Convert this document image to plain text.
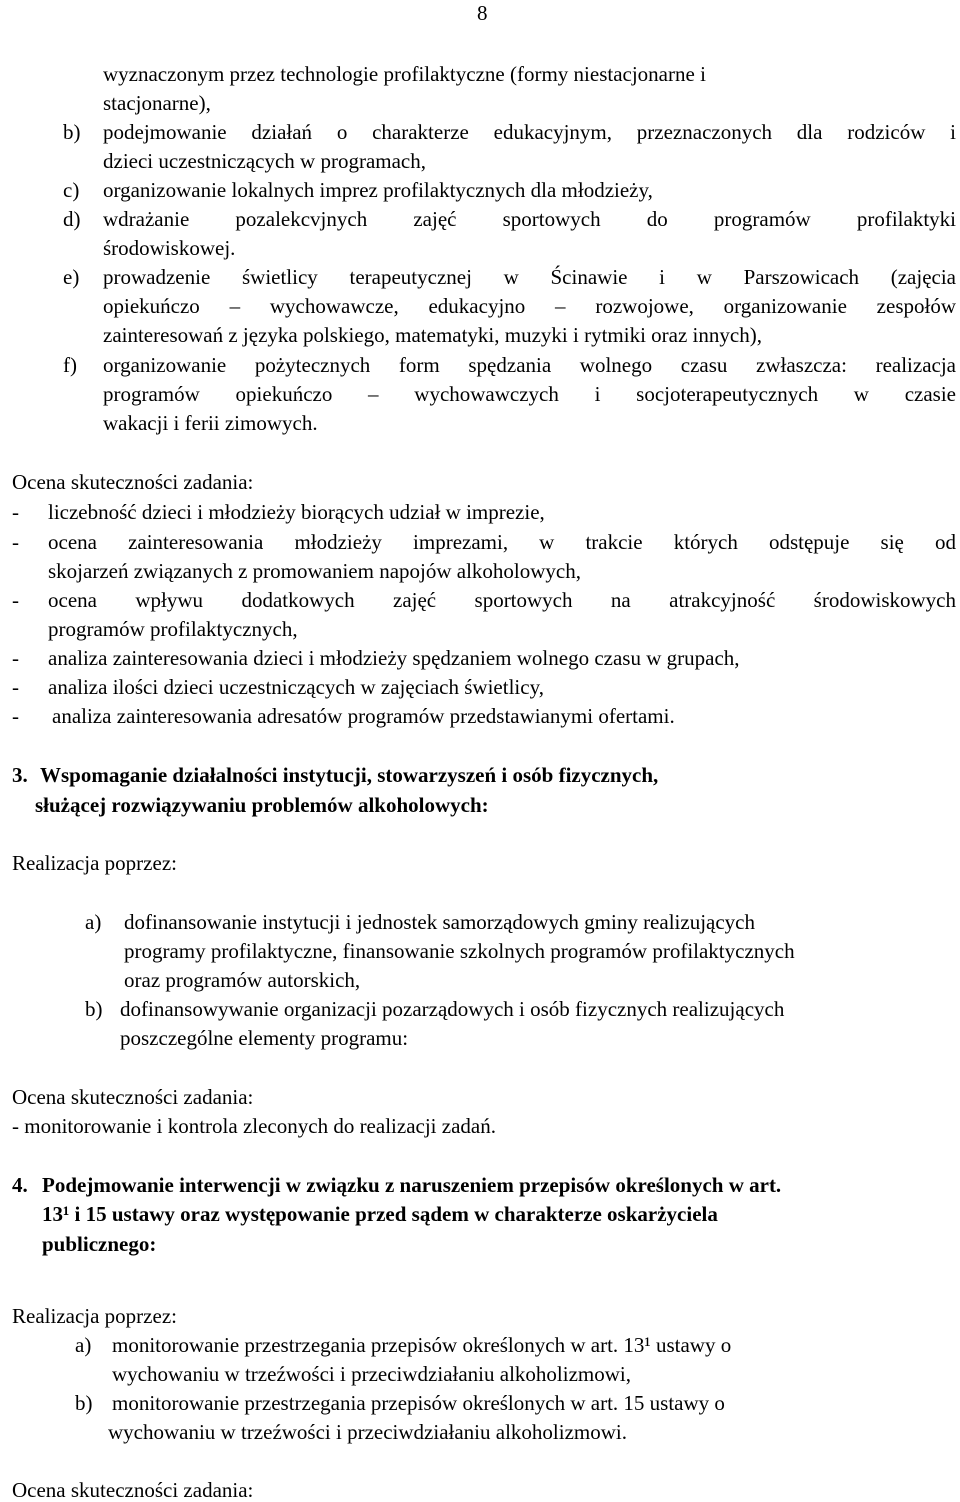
8
wyznaczonym przez technologie profilaktyczne (formy niestacjonarne i
stacjonarne),
b) podejmowanie działań o charakterze edukacyjnym, przeznaczonych dla rodziców i
dzieci uczestniczących w programach,
c) organizowanie lokalnych imprez profilaktycznych dla młodzieży,
d) wdrażanie pozalekcvjnych zajęć sportowych do programów profilaktyki
środowiskowej.
e) prowadzenie świetlicy terapeutycznej w Ścinawie i w Parszowicach (zajęcia
opiekuńczo – wychowawcze, edukacyjno – rozwojowe, organizowanie zespołów
zainteresowań z języka polskiego, matematyki, muzyki i rytmiki oraz innych),
f) organizowanie pożytecznych form spędzania wolnego czasu zwłaszcza: realizacja
programów opiekuńczo – wychowawczych i socjoterapeutycznych w czasie
wakacji i ferii zimowych.
Ocena skuteczności zadania:
- liczebność dzieci i młodzieży biorących udział w imprezie,
- ocena zainteresowania młodzieży imprezami, w trakcie których odstępuje się od
skojarzeń związanych z promowaniem napojów alkoholowych,
- ocena wpływu dodatkowych zajęć sportowych na atrakcyjność środowiskowych
programów profilaktycznych,
- analiza zainteresowania dzieci i młodzieży spędzaniem wolnego czasu w grupach,
- analiza ilości dzieci uczestniczących w zajęciach świetlicy,
- analiza zainteresowania adresatów programów przedstawianymi ofertami.
3. Wspomaganie działalności instytucji, stowarzyszeń i osób fizycznych,
służącej rozwiązywaniu problemów alkoholowych:
Realizacja poprzez:
a) dofinansowanie instytucji i jednostek samorządowych gminy realizujących
programy profilaktyczne, finansowanie szkolnych programów profilaktycznych
oraz programów autorskich,
b) dofinansowywanie organizacji pozarządowych i osób fizycznych realizujących
poszczególne elementy programu:
Ocena skuteczności zadania:
- monitorowanie i kontrola zleconych do realizacji zadań.
4. Podejmowanie interwencji w związku z naruszeniem przepisów określonych w art.
13¹ i 15 ustawy oraz występowanie przed sądem w charakterze oskarżyciela
publicznego:
Realizacja poprzez:
a) monitorowanie przestrzegania przepisów określonych w art. 13¹ ustawy o
wychowaniu w trzeźwości i przeciwdziałaniu alkoholizmowi,
b) monitorowanie przestrzegania przepisów określonych w art. 15 ustawy o
wychowaniu w trzeźwości i przeciwdziałaniu alkoholizmowi.
Ocena skuteczności zadania:
